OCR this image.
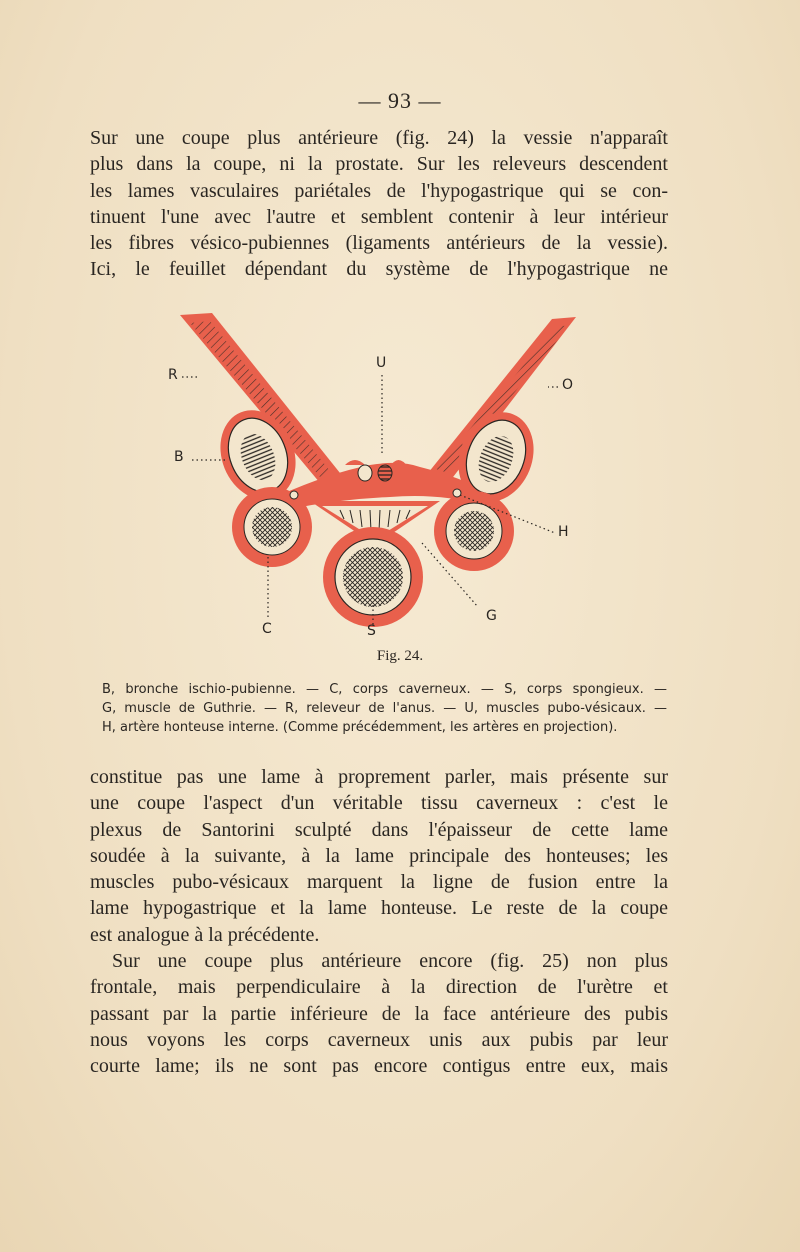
— 93 —
Sur une coupe plus antérieure (fig. 24) la vessie n'apparaît
plus dans la coupe, ni la prostate. Sur les releveurs descendent
les lames vasculaires pariétales de l'hypogastrique qui se con-
tinuent l'une avec l'autre et semblent contenir à leur intérieur
les fibres vésico-pubiennes (ligaments antérieurs de la vessie).
Ici, le feuillet dépendant du système de l'hypogastrique ne
R
B
U
O
H
C	S
G
Fig. 24.
B, bronche ischio-pubienne. — C, corps caverneux. — S, corps spongieux. —
G, muscle de Guthrie. — R, releveur de l'anus. — U, muscles pubo-vésicaux. —
H, artère honteuse interne. (Comme précédemment, les artères en projection).
constitue pas une lame à proprement parler, mais présente sur
une coupe l'aspect d'un véritable tissu caverneux : c'est le
plexus de Santorini sculpté dans l'épaisseur de cette lame
soudée à la suivante, à la lame principale des honteuses; les
muscles pubo-vésicaux marquent la ligne de fusion entre la
lame hypogastrique et la lame honteuse. Le reste de la coupe
est analogue à la précédente.
Sur une coupe plus antérieure encore (fig. 25) non plus
frontale, mais perpendiculaire à la direction de l'urètre et
passant par la partie inférieure de la face antérieure des pubis
nous voyons les corps caverneux unis aux pubis par leur
courte lame; ils ne sont pas encore contigus entre eux, mais
